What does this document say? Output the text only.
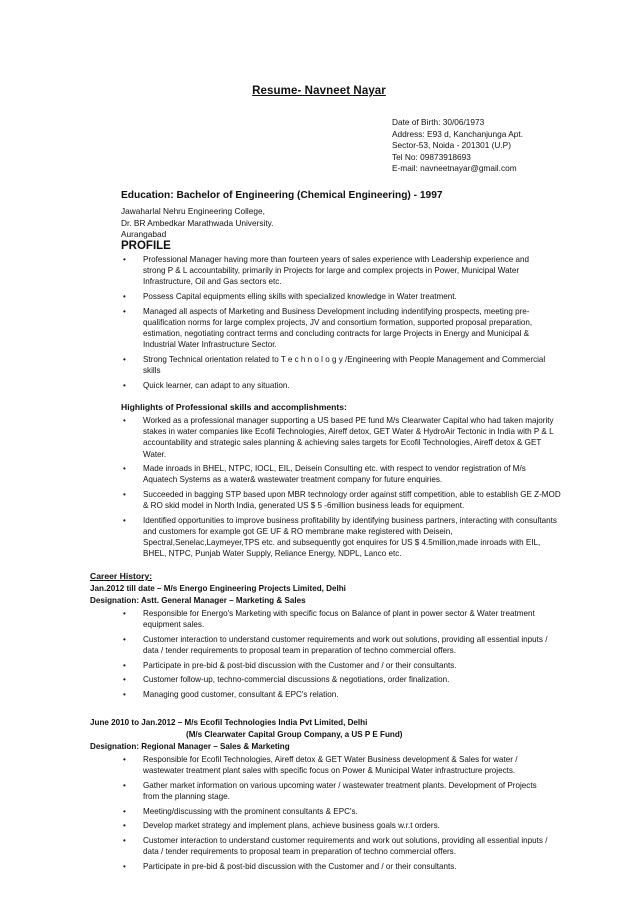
Resume- Navneet Nayar
Date of Birth: 30/06/1973
Address: E93 d, Kanchanjunga Apt.
Sector-53, Noida - 201301 (U.P)
Tel No: 09873918693
E-mail: navneetnayar@gmail.com
Education: Bachelor of Engineering (Chemical Engineering) - 1997
Jawaharlal Nehru Engineering College,
Dr. BR Ambedkar Marathwada University.
Aurangabad
PROFILE
• Professional Manager having more than fourteen years of sales experience with Leadership experience and strong P & L accountability, primarily in Projects for large and complex projects in Power, Municipal Water Infrastructure, Oil and Gas sectors etc.
• Possess Capital equipments elling skills with specialized knowledge in Water treatment.
• Managed all aspects of Marketing and Business Development including indentifying prospects, meeting pre-qualification norms for large complex projects, JV and consortium formation, supported proposal preparation, estimation, negotiating contract terms and concluding contracts for large Projects in Energy and Municipal & Industrial Water Infrastructure Sector.
• Strong Technical orientation related to T e c h n o l o g y /Engineering with People Management and Commercial skills
• Quick learner, can adapt to any situation.
Highlights of Professional skills and accomplishments:
• Worked as a professional manager supporting a US based PE fund M/s Clearwater Capital who had taken majority stakes in water companies like Ecofil Technologies, Aireff detox, GET Water & HydroAir Tectonic in India with P & L accountability and strategic sales planning & achieving sales targets for Ecofil Technologies, Aireff detox & GET Water.
• Made inroads in BHEL, NTPC, IOCL, EIL, Deisein Consulting etc. with respect to vendor registration of M/s Aquatech Systems as a water& wastewater treatment company for future enquiries.
• Succeeded in bagging STP based upon MBR technology order against stiff competition, able to establish GE Z-MOD & RO skid model in North India, generated US $ 5 -6million business leads for equipment.
• Identified opportunities to improve business profitability by identifying business partners, interacting with consultants and customers for example got GE UF & RO membrane make registered with Deisein, Spectral,Senelac,Laymeyer,TPS etc. and subsequently got enquires for US $ 4.5million,made inroads with EIL, BHEL, NTPC, Punjab Water Supply, Reliance Energy, NDPL, Lanco etc.
Career History:
Jan.2012 till date – M/s Energo Engineering Projects Limited, Delhi
Designation: Astt. General Manager – Marketing & Sales
• Responsible for Energo's Marketing with specific focus on Balance of plant in power sector & Water treatment equipment sales.
• Customer interaction to understand customer requirements and work out solutions, providing all essential inputs / data / tender requirements to proposal team in preparation of techno commercial offers.
• Participate in pre-bid & post-bid discussion with the Customer and / or their consultants.
• Customer follow-up, techno-commercial discussions & negotiations, order finalization.
• Managing good customer, consultant & EPC's relation.
June 2010 to Jan.2012 – M/s Ecofil Technologies India Pvt Limited, Delhi
(M/s Clearwater Capital Group Company, a US P E Fund)
Designation: Regional Manager – Sales & Marketing
• Responsible for Ecofil Technologies, Aireff detox & GET Water Business development & Sales for water / wastewater treatment plant sales with specific focus on Power & Municipal Water infrastructure projects.
• Gather market information on various upcoming water / wastewater treatment plants. Development of Projects from the planning stage.
• Meeting/discussing with the prominent consultants & EPC's.
• Develop market strategy and implement plans, achieve business goals w.r.t orders.
• Customer interaction to understand customer requirements and work out solutions, providing all essential inputs / data / tender requirements to proposal team in preparation of techno commercial offers.
• Participate in pre-bid & post-bid discussion with the Customer and / or their consultants.
